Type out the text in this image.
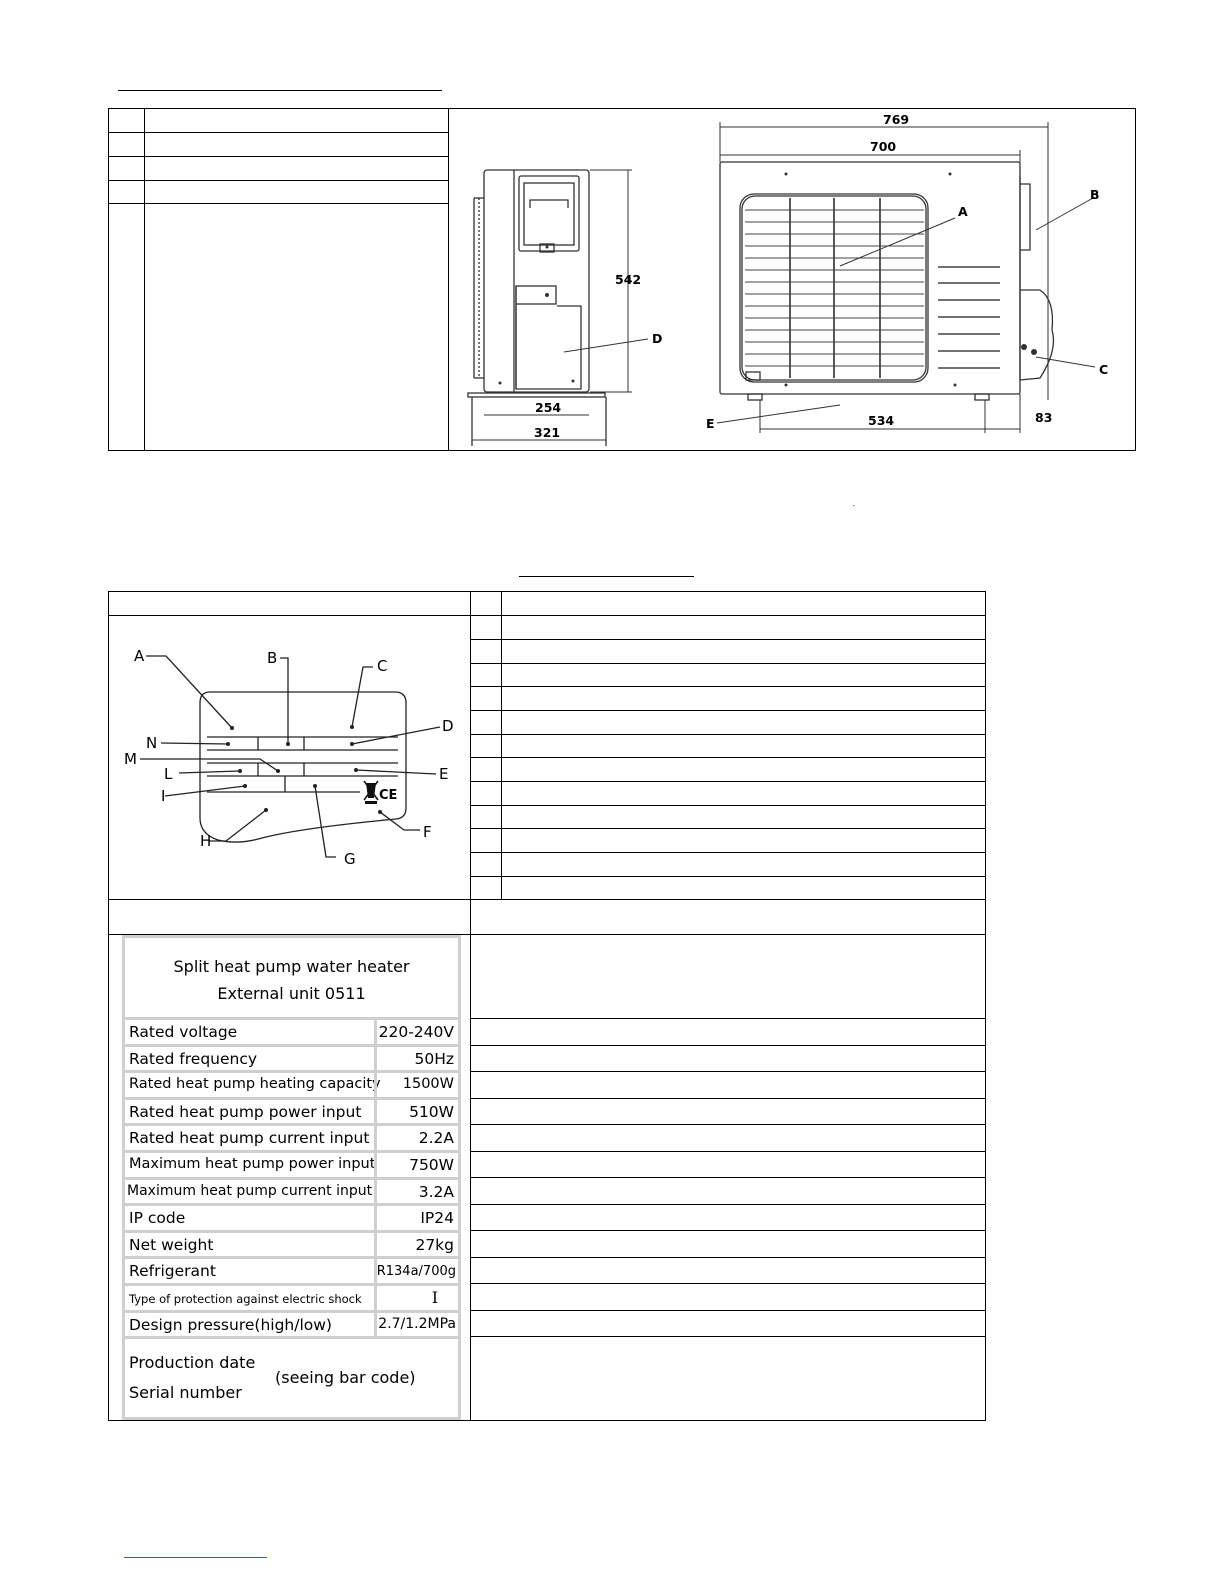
769
700
542
254
321
534	83
A
B
C
D
E
CE
A	B	C
D
E
F
G
H
I
L
M
N
Split heat pump water heater
External unit 0511
Rated voltage	220-240V
Rated frequency	50Hz
Rated heat pump heating capacity 1500W
Rated heat pump power input	510W
Rated heat pump current input	2.2A
Maximum heat pump power input 750W
Maximum heat pump current input	3.2A
IP code	IP24
Net weight	27kg
Refrigerant	R134a/700g
Type of protection against electric shock	I
Design pressure(high/low)	2.7/1.2MPa
Production date
Serial number
(seeing bar code)
